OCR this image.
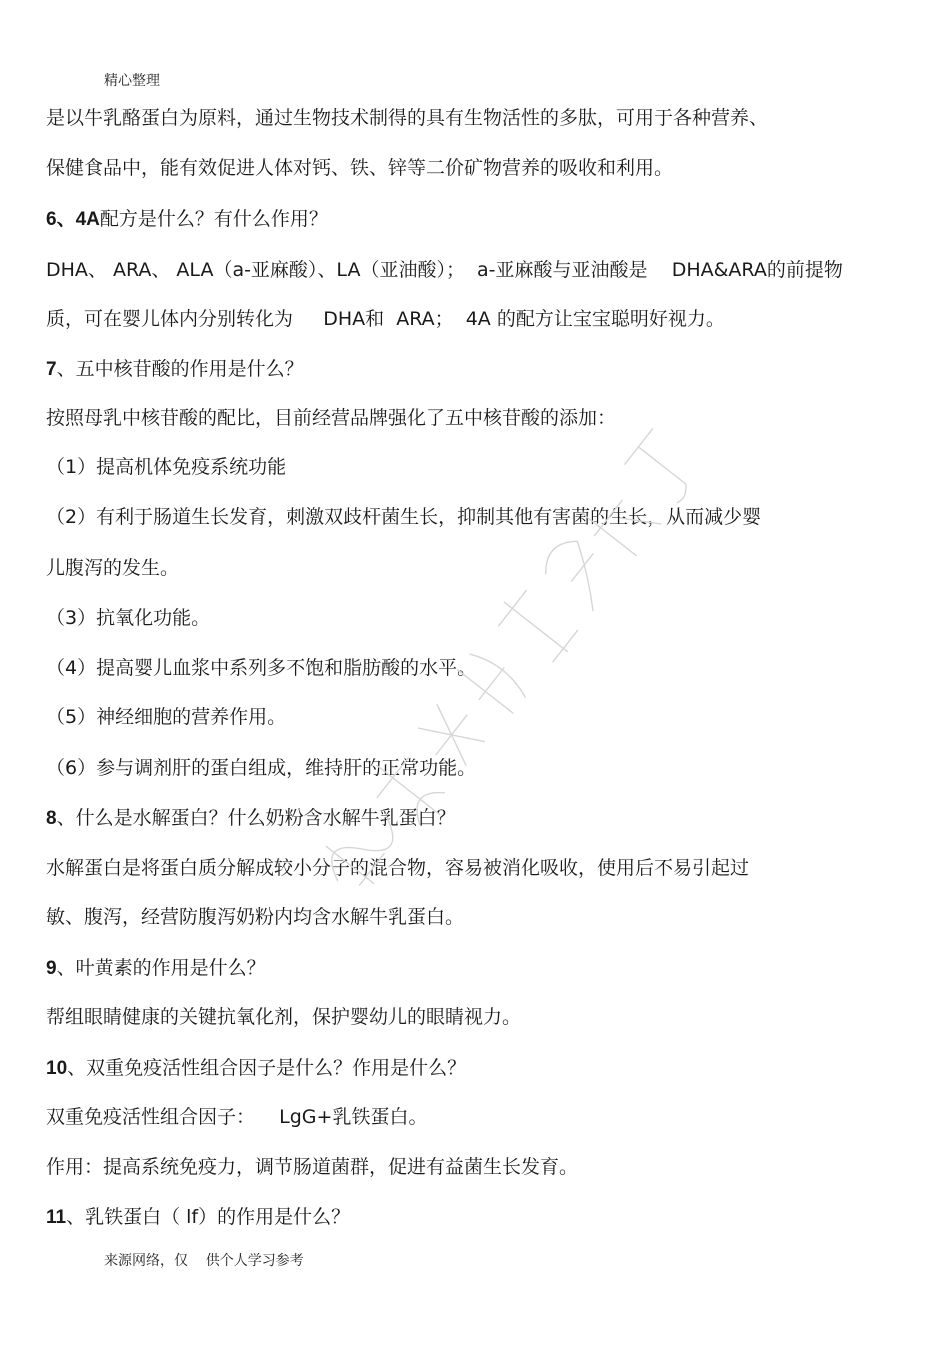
精心整理
是以牛乳酪蛋白为原料，通过生物技术制得的具有生物活性的多肽，可用于各种营养、
保健食品中，能有效促进人体对钙、铁、锌等二价矿物营养的吸收和利用。
6、4A配方是什么？有什么作用？
DHA、 ARA、 ALA（a-亚麻酸）、LA（亚油酸）；  a-亚麻酸与亚油酸是    DHA&ARA的前提物
质，可在婴儿体内分别转化为     DHA和  ARA；  4A 的配方让宝宝聪明好视力。
7、五中核苷酸的作用是什么？
按照母乳中核苷酸的配比，目前经营品牌强化了五中核苷酸的添加：
（1）提高机体免疫系统功能
（2）有利于肠道生长发育，刺激双歧杆菌生长，抑制其他有害菌的生长，从而减少婴
儿腹泻的发生。
（3）抗氧化功能。
（4）提高婴儿血浆中系列多不饱和脂肪酸的水平。
（5）神经细胞的营养作用。
（6）参与调剂肝的蛋白组成，维持肝的正常功能。
8、什么是水解蛋白？什么奶粉含水解牛乳蛋白？
水解蛋白是将蛋白质分解成较小分子的混合物，容易被消化吸收，使用后不易引起过
敏、腹泻，经营防腹泻奶粉内均含水解牛乳蛋白。
9、叶黄素的作用是什么？
帮组眼睛健康的关键抗氧化剂，保护婴幼儿的眼睛视力。
10、双重免疫活性组合因子是什么？作用是什么？
双重免疫活性组合因子：    LgG+乳铁蛋白。
作用：提高系统免疫力，调节肠道菌群，促进有益菌生长发育。
11、乳铁蛋白（ lf）的作用是什么？
来源网络，仅    供个人学习参考
